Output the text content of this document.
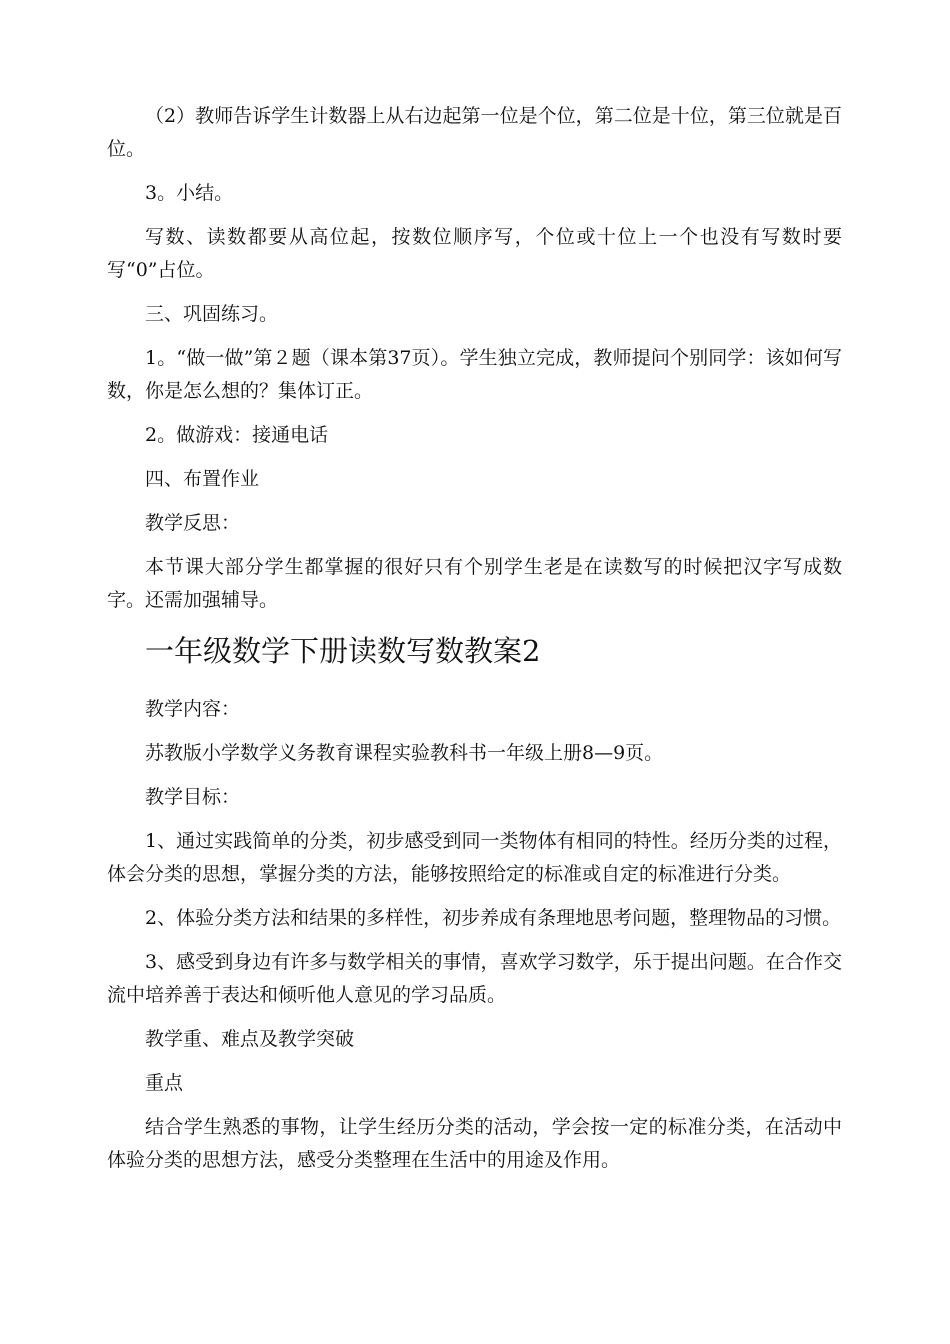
（2）教师告诉学生计数器上从右边起第一位是个位，第二位是十位，第三位就是百位。

3。小结。

写数、读数都要从高位起，按数位顺序写，个位或十位上一个也没有写数时要写“0”占位。

三、巩固练习。

1。“做一做”第２题（课本第37页）。学生独立完成，教师提问个别同学：该如何写数，你是怎么想的？集体订正。

2。做游戏：接通电话

四、布置作业

教学反思：

本节课大部分学生都掌握的很好只有个别学生老是在读数写的时候把汉字写成数字。还需加强辅导。

一年级数学下册读数写数教案2

教学内容：

苏教版小学数学义务教育课程实验教科书一年级上册8—9页。

教学目标：

1、通过实践简单的分类，初步感受到同一类物体有相同的特性。经历分类的过程，体会分类的思想，掌握分类的方法，能够按照给定的标准或自定的标准进行分类。

2、体验分类方法和结果的多样性，初步养成有条理地思考问题，整理物品的习惯。

3、感受到身边有许多与数学相关的事情，喜欢学习数学，乐于提出问题。在合作交流中培养善于表达和倾听他人意见的学习品质。

教学重、难点及教学突破

重点

结合学生熟悉的事物，让学生经历分类的活动，学会按一定的标准分类，在活动中体验分类的思想方法，感受分类整理在生活中的用途及作用。
